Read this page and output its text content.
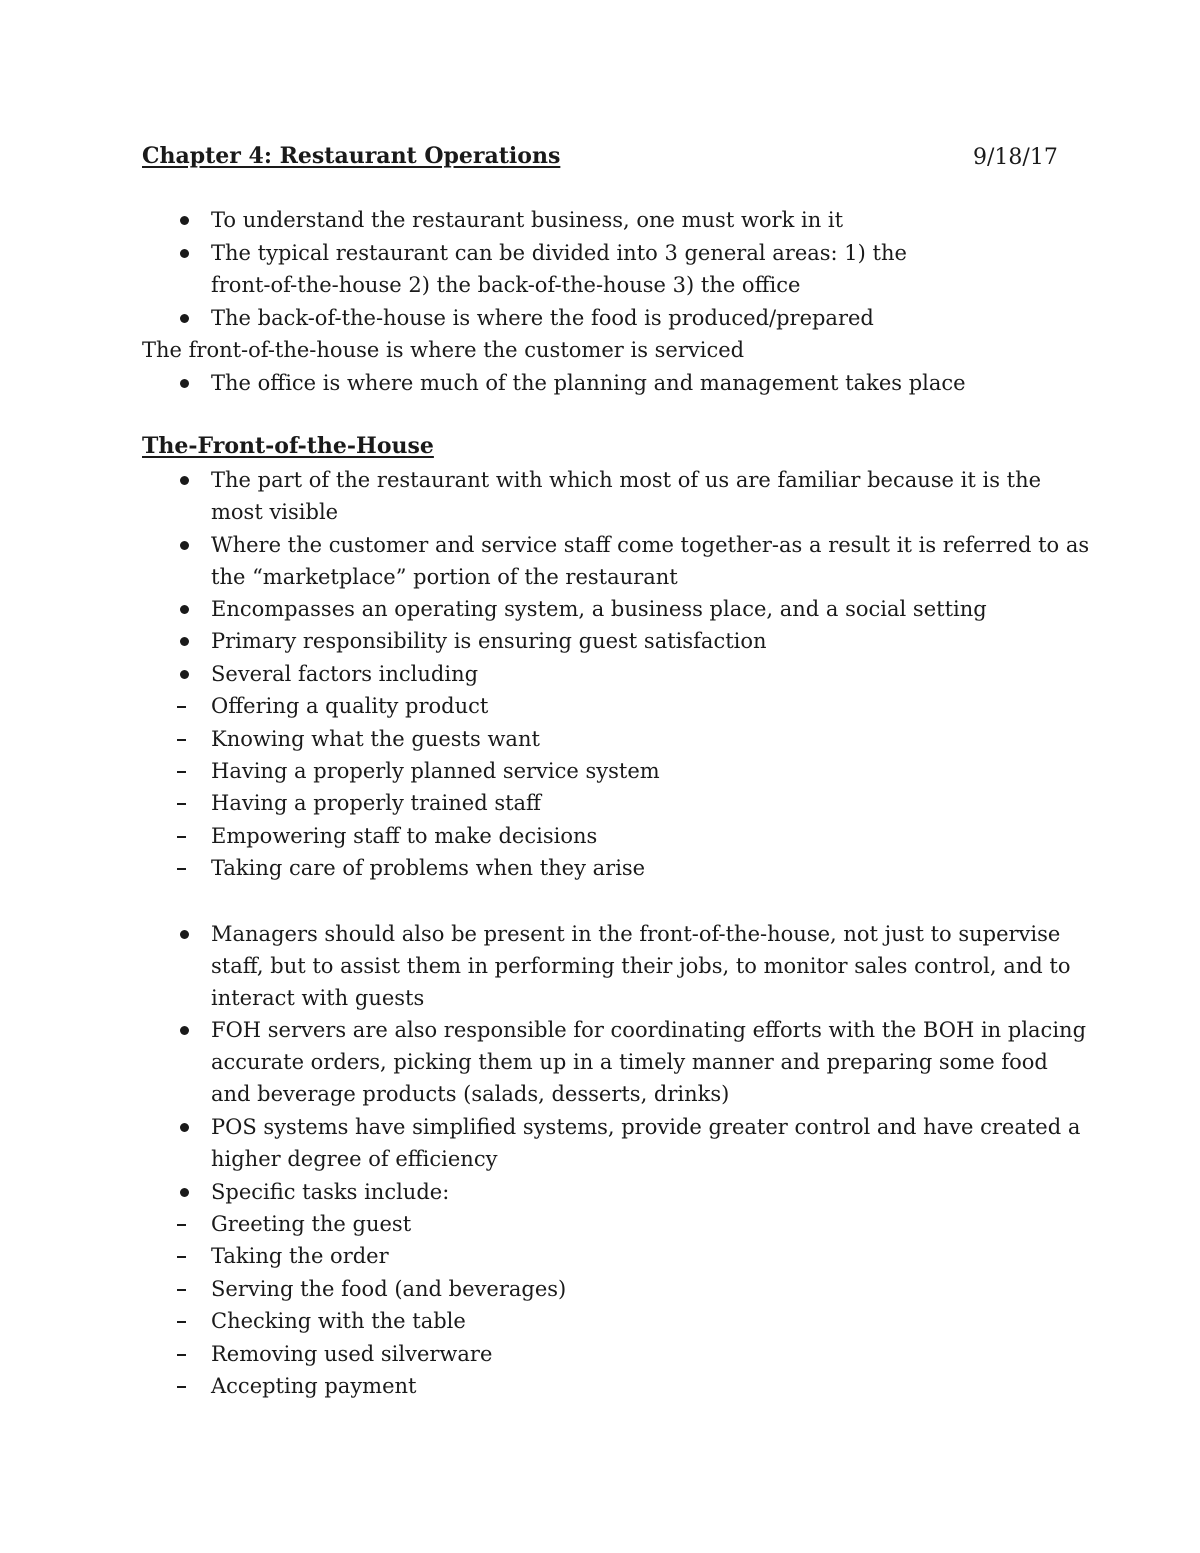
Chapter 4: Restaurant Operations	9/18/17
To understand the restaurant business, one must work in it
The typical restaurant can be divided into 3 general areas: 1) the
front-of-the-house 2) the back-of-the-house 3) the office
The back-of-the-house is where the food is produced/prepared
The front-of-the-house is where the customer is serviced
The office is where much of the planning and management takes place
The-Front-of-the-House
The part of the restaurant with which most of us are familiar because it is the
most visible
Where the customer and service staff come together-as a result it is referred to as
the “marketplace” portion of the restaurant
Encompasses an operating system, a business place, and a social setting
Primary responsibility is ensuring guest satisfaction
Several factors including
Offering a quality product
Knowing what the guests want
Having a properly planned service system
Having a properly trained staff
Empowering staff to make decisions
Taking care of problems when they arise
Managers should also be present in the front-of-the-house, not just to supervise
staff, but to assist them in performing their jobs, to monitor sales control, and to
interact with guests
FOH servers are also responsible for coordinating efforts with the BOH in placing
accurate orders, picking them up in a timely manner and preparing some food
and beverage products (salads, desserts, drinks)
POS systems have simplified systems, provide greater control and have created a
higher degree of efficiency
Specific tasks include:
Greeting the guest
Taking the order
Serving the food (and beverages)
Checking with the table
Removing used silverware
Accepting payment
